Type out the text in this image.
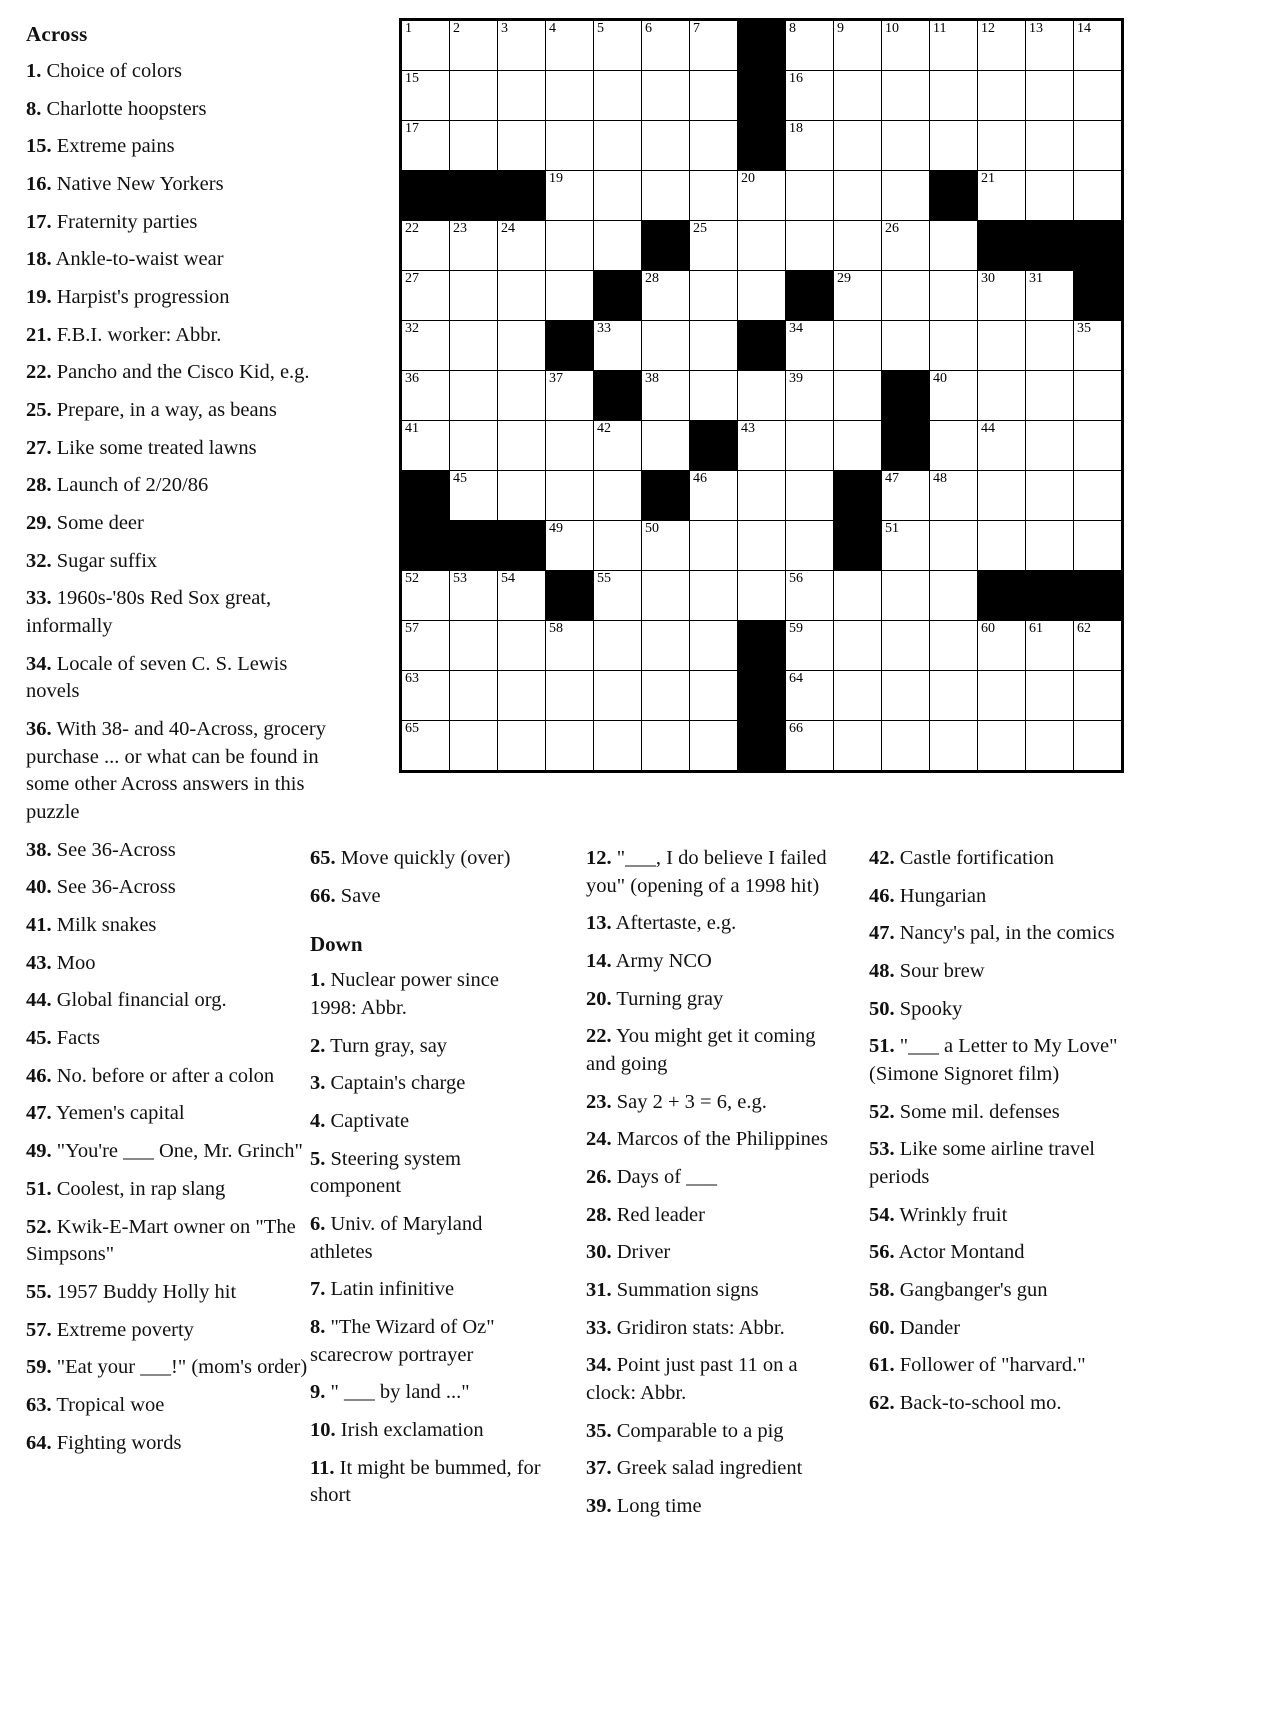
Across
1. Choice of colors
8. Charlotte hoopsters
15. Extreme pains
16. Native New Yorkers
17. Fraternity parties
18. Ankle-to-waist wear
19. Harpist's progression
21. F.B.I. worker: Abbr.
22. Pancho and the Cisco Kid, e.g.
25. Prepare, in a way, as beans
27. Like some treated lawns
28. Launch of 2/20/86
29. Some deer
32. Sugar suffix
33. 1960s-'80s Red Sox great, informally
34. Locale of seven C. S. Lewis novels
36. With 38- and 40-Across, grocery purchase ... or what can be found in some other Across answers in this puzzle
38. See 36-Across
40. See 36-Across
41. Milk snakes
43. Moo
44. Global financial org.
45. Facts
46. No. before or after a colon
47. Yemen's capital
49. "You're ___ One, Mr. Grinch"
51. Coolest, in rap slang
52. Kwik-E-Mart owner on "The Simpsons"
55. 1957 Buddy Holly hit
57. Extreme poverty
59. "Eat your ___!" (mom's order)
63. Tropical woe
64. Fighting words
1	2	3	4	5	6	7		8	9	10	11	12	13	14

15								16						

17								18						

			19				20					21		

22	23	24				25				26				

27					28				29			30	31	

32				33				34						35

36			37		38			39			40			

41				42			43					44		

	45					46				47	48			

			49		50					51				

52	53	54		55				56						

57			58					59				60	61	62

63								64						

65								66						

65. Move quickly (over)
66. Save
Down
1. Nuclear power since 1998: Abbr.
2. Turn gray, say
3. Captain's charge
4. Captivate
5. Steering system component
6. Univ. of Maryland athletes
7. Latin infinitive
8. "The Wizard of Oz" scarecrow portrayer
9. " ___ by land ..."
10. Irish exclamation
11. It might be bummed, for short
12. "___, I do believe I failed you" (opening of a 1998 hit)
13. Aftertaste, e.g.
14. Army NCO
20. Turning gray
22. You might get it coming and going
23. Say 2 + 3 = 6, e.g.
24. Marcos of the Philippines
26. Days of ___
28. Red leader
30. Driver
31. Summation signs
33. Gridiron stats: Abbr.
34. Point just past 11 on a clock: Abbr.
35. Comparable to a pig
37. Greek salad ingredient
39. Long time
42. Castle fortification
46. Hungarian
47. Nancy's pal, in the comics
48. Sour brew
50. Spooky
51. "___ a Letter to My Love" (Simone Signoret film)
52. Some mil. defenses
53. Like some airline travel periods
54. Wrinkly fruit
56. Actor Montand
58. Gangbanger's gun
60. Dander
61. Follower of "harvard."
62. Back-to-school mo.
